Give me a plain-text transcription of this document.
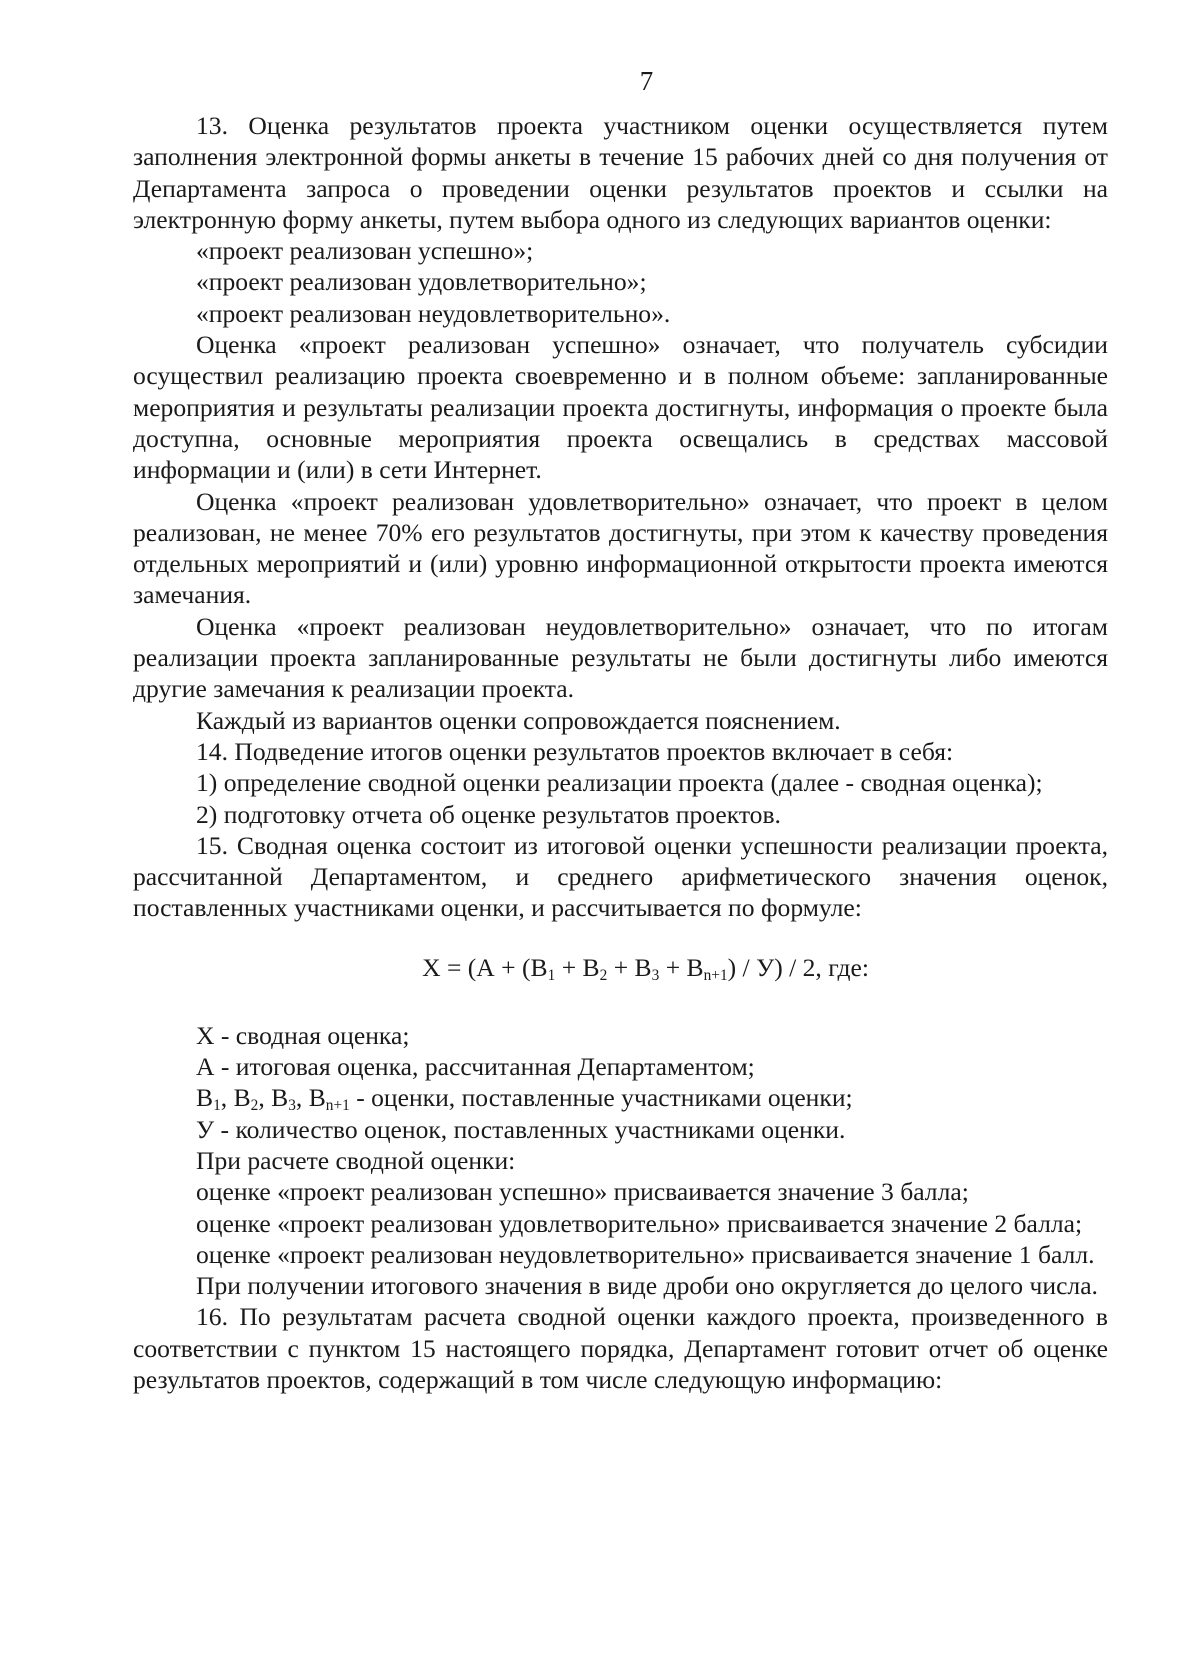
7

13. Оценка результатов проекта участником оценки осуществляется путем заполнения электронной формы анкеты в течение 15 рабочих дней со дня получения от Департамента запроса о проведении оценки результатов проектов и ссылки на электронную форму анкеты, путем выбора одного из следующих вариантов оценки:

«проект реализован успешно»;

«проект реализован удовлетворительно»;

«проект реализован неудовлетворительно».

Оценка «проект реализован успешно» означает, что получатель субсидии осуществил реализацию проекта своевременно и в полном объеме: запланированные мероприятия и результаты реализации проекта достигнуты, информация о проекте была доступна, основные мероприятия проекта освещались в средствах массовой информации и (или) в сети Интернет.

Оценка «проект реализован удовлетворительно» означает, что проект в целом реализован, не менее 70% его результатов достигнуты, при этом к качеству проведения отдельных мероприятий и (или) уровню информационной открытости проекта имеются замечания.

Оценка «проект реализован неудовлетворительно» означает, что по итогам реализации проекта запланированные результаты не были достигнуты либо имеются другие замечания к реализации проекта.

Каждый из вариантов оценки сопровождается пояснением.

14. Подведение итогов оценки результатов проектов включает в себя:

1) определение сводной оценки реализации проекта (далее - сводная оценка);

2) подготовку отчета об оценке результатов проектов.

15. Сводная оценка состоит из итоговой оценки успешности реализации проекта, рассчитанной Департаментом, и среднего арифметического значения оценок, поставленных участниками оценки, и рассчитывается по формуле:

$Х = (А + (В_1 + В_2 + В_3 + В_{n+1}) / У) / 2$, где:

Х - сводная оценка;

А - итоговая оценка, рассчитанная Департаментом;

$В_1$, $В_2$, $В_3$, $В_{n+1}$ - оценки, поставленные участниками оценки;

У - количество оценок, поставленных участниками оценки.

При расчете сводной оценки:

оценке «проект реализован успешно» присваивается значение 3 балла;

оценке «проект реализован удовлетворительно» присваивается значение 2 балла;

оценке «проект реализован неудовлетворительно» присваивается значение 1 балл.

При получении итогового значения в виде дроби оно округляется до целого числа.

16. По результатам расчета сводной оценки каждого проекта, произведенного в соответствии с пунктом 15 настоящего порядка, Департамент готовит отчет об оценке результатов проектов, содержащий в том числе следующую информацию:
